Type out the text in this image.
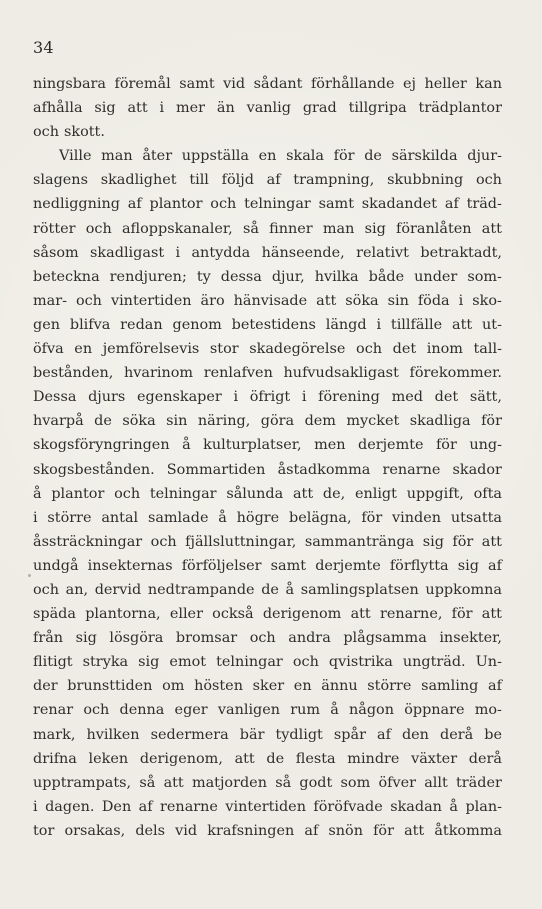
34
ningsbara föremål samt vid sådant förhållande ej heller kan
afhålla sig att i mer än vanlig grad tillgripa trädplantor
och skott.
Ville man åter uppställa en skala för de särskilda djur-
slagens skadlighet till följd af trampning, skubbning och
nedliggning af plantor och telningar samt skadandet af träd-
rötter och afloppskanaler, så finner man sig föranlåten att
såsom skadligast i antydda hänseende, relativt betraktadt,
beteckna rendjuren; ty dessa djur, hvilka både under som-
mar- och vintertiden äro hänvisade att söka sin föda i sko-
gen blifva redan genom betestidens längd i tillfälle att ut-
öfva en jemförelsevis stor skadegörelse och det inom tall-
bestånden, hvarinom renlafven hufvudsakligast förekommer.
Dessa djurs egenskaper i öfrigt i förening med det sätt,
hvarpå de söka sin näring, göra dem mycket skadliga för
skogsföryngringen å kulturplatser, men derjemte för ung-
skogsbestånden. Sommartiden åstadkomma renarne skador
å plantor och telningar sålunda att de, enligt uppgift, ofta
i större antal samlade å högre belägna, för vinden utsatta
åssträckningar och fjällsluttningar, sammantränga sig för att
undgå insekternas förföljelser samt derjemte förflytta sig af
och an, dervid nedtrampande de å samlingsplatsen uppkomna
späda plantorna, eller också derigenom att renarne, för att
från sig lösgöra bromsar och andra plågsamma insekter,
flitigt stryka sig emot telningar och qvistrika ungträd. Un-
der brunsttiden om hösten sker en ännu större samling af
renar och denna eger vanligen rum å någon öppnare mo-
mark, hvilken sedermera bär tydligt spår af den derå be
drifna leken derigenom, att de flesta mindre växter derå
upptrampats, så att matjorden så godt som öfver allt träder
i dagen. Den af renarne vintertiden föröfvade skadan å plan-
tor orsakas, dels vid krafsningen af snön för att åtkomma
